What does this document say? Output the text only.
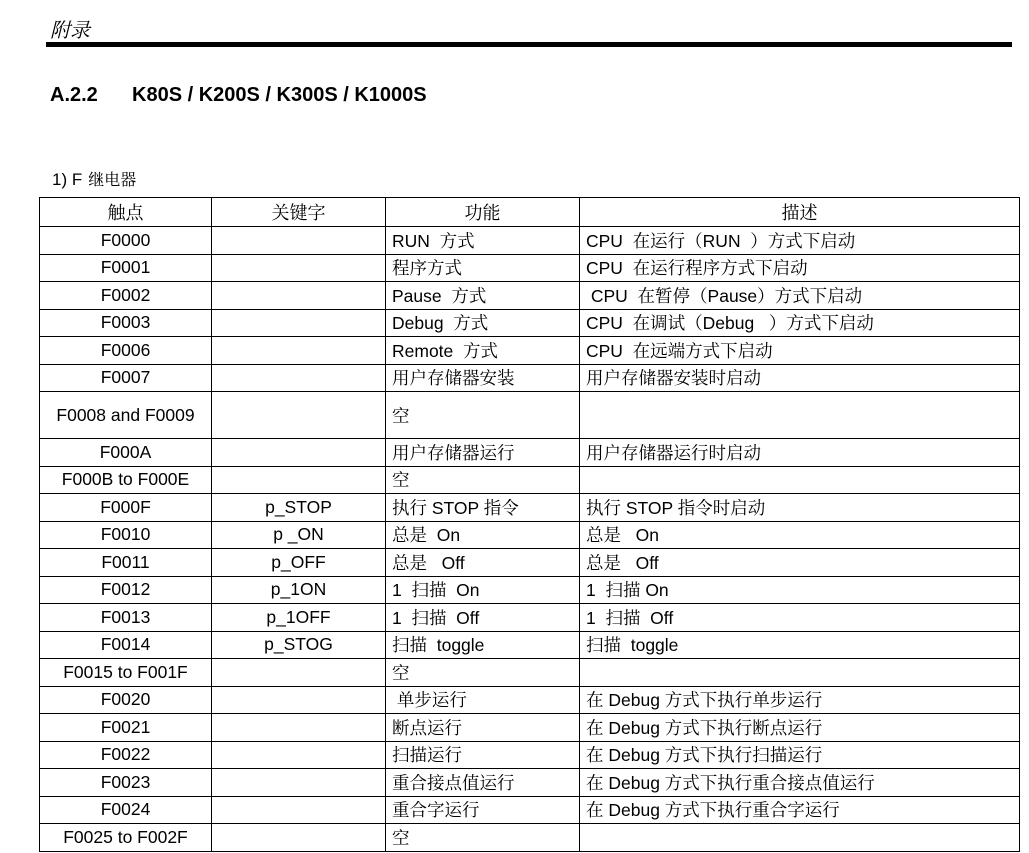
附录
A.2.2 K80S / K200S / K300S / K1000S
1) F 继电器
触点	关键字	功能	描述
F0000		RUN  方式	CPU  在运行（RUN  ）方式下启动
F0001		程序方式	CPU  在运行程序方式下启动
F0002		Pause  方式	CPU  在暂停（Pause）方式下启动
F0003		Debug  方式	CPU  在调试（Debug   ）方式下启动
F0006		Remote  方式	CPU  在远端方式下启动
F0007		用户存储器安装	用户存储器安装时启动

F0008 and F0009		空	
F000A		用户存储器运行	用户存储器运行时启动
F000B to F000E		空	
F000F	p_STOP	执行 STOP 指令	执行 STOP 指令时启动
F0010	p _ON	总是  On	总是   On
F0011	p_OFF	总是   Off	总是   Off
F0012	p_1ON	1  扫描  On	1  扫描 On
F0013	p_1OFF	1  扫描  Off	1  扫描  Off
F0014	p_STOG	扫描  toggle	扫描  toggle
F0015 to F001F		空	
F0020		单步运行	在 Debug 方式下执行单步运行
F0021		断点运行	在 Debug 方式下执行断点运行
F0022		扫描运行	在 Debug 方式下执行扫描运行
F0023		重合接点值运行	在 Debug 方式下执行重合接点值运行
F0024		重合字运行	在 Debug 方式下执行重合字运行
F0025 to F002F		空	
